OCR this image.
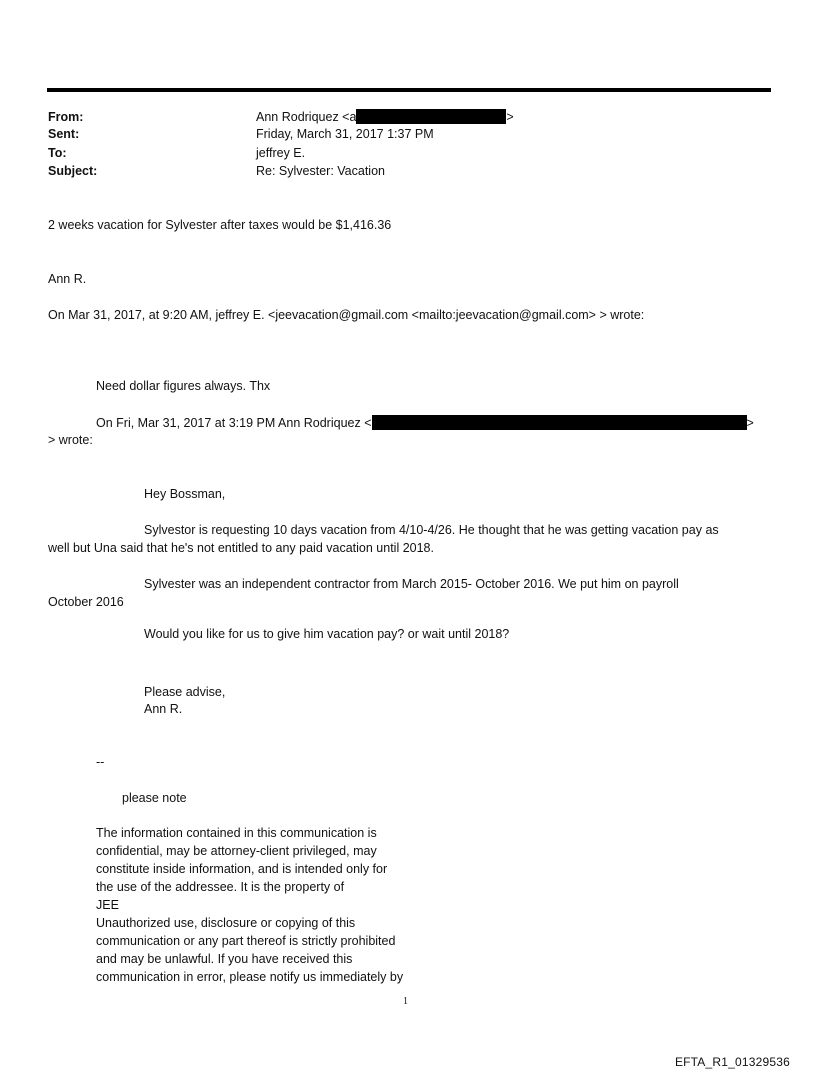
From:
Sent:
To:
Subject:
Ann Rodriquez <a	>
Friday, March 31, 2017 1:37 PM
jeffrey E.
Re: Sylvester: Vacation
2 weeks vacation for Sylvester after taxes would be $1,416.36
Ann R.
On Mar 31, 2017, at 9:20 AM, jeffrey E. <jeevacation@gmail.com <mailto:jeevacation@gmail.com> > wrote:
Need dollar figures always. Thx
On Fri, Mar 31, 2017 at 3:19 PM Ann Rodriquez <	>
> wrote:
Hey Bossman,
Sylvestor is requesting 10 days vacation from 4/10-4/26. He thought that he was getting vacation pay as
well but Una said that he's not entitled to any paid vacation until 2018.
Sylvester was an independent contractor from March 2015- October 2016. We put him on payroll
October 2016
Would you like for us to give him vacation pay? or wait until 2018?
Please advise,
Ann R.
--
please note
The information contained in this communication is
confidential, may be attorney-client privileged, may
constitute inside information, and is intended only for
the use of the addressee. It is the property of
JEE
Unauthorized use, disclosure or copying of this
communication or any part thereof is strictly prohibited
and may be unlawful. If you have received this
communication in error, please notify us immediately by
1
EFTA_R1_01329536
